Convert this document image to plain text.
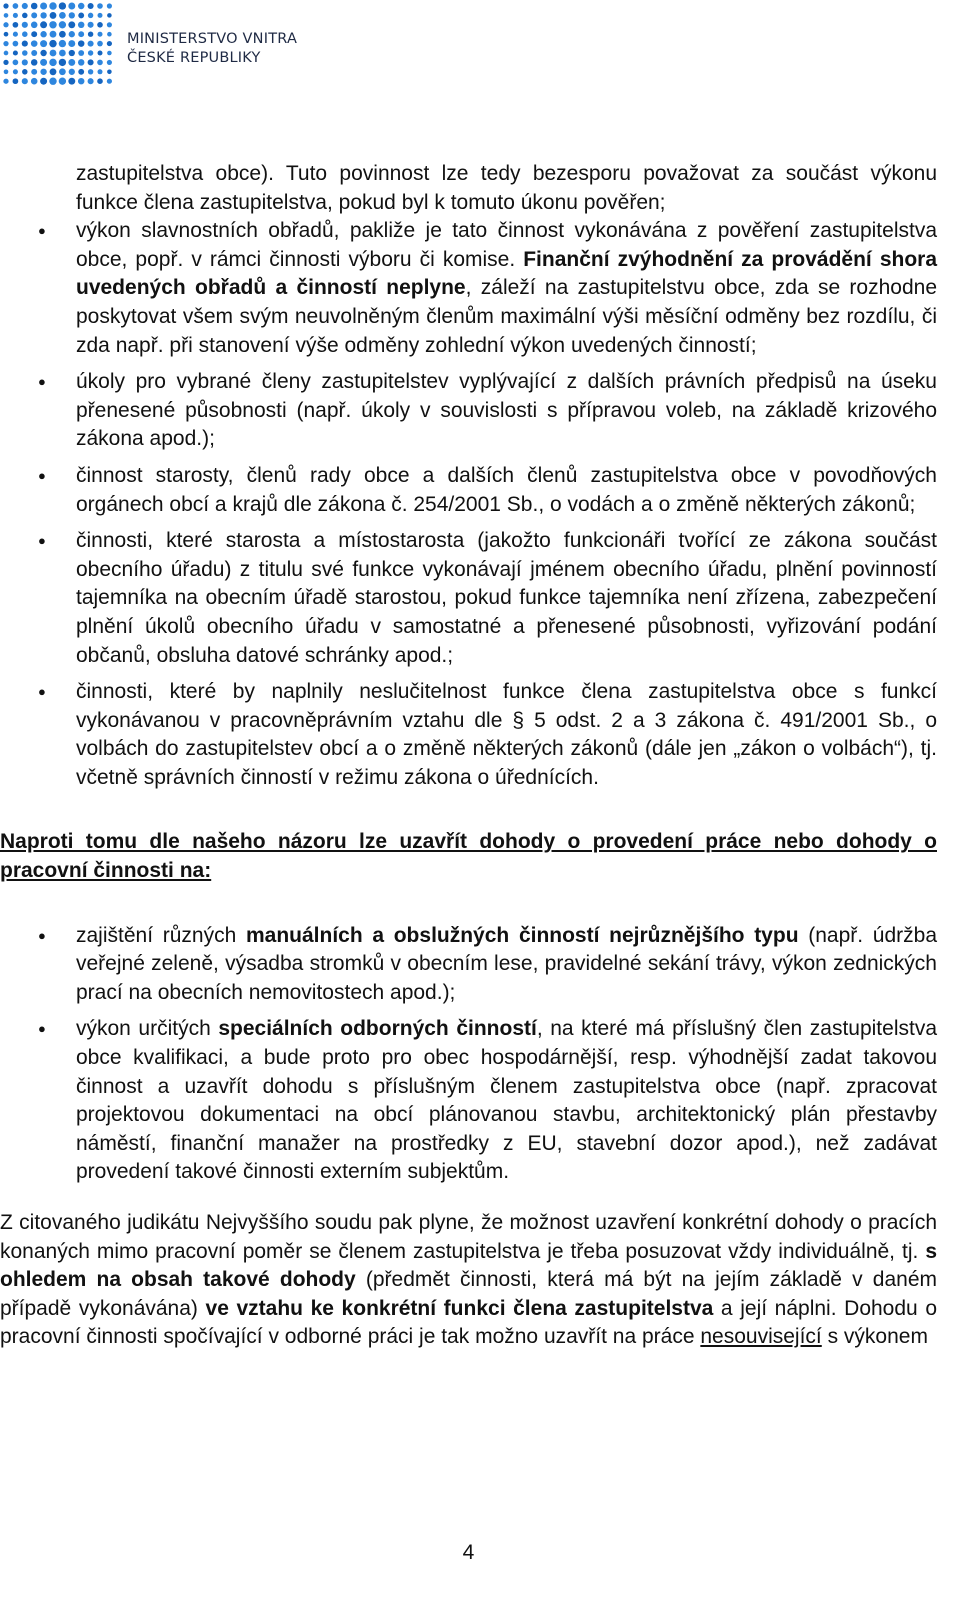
MINISTERSTVO VNITRA
ČESKÉ REPUBLIKY

zastupitelstva obce). Tuto povinnost lze tedy bezesporu považovat za součást výkonu funkce člena zastupitelstva, pokud byl k tomuto úkonu pověřen;

● výkon slavnostních obřadů, pakliže je tato činnost vykonávána z pověření zastupitelstva obce, popř. v rámci činnosti výboru či komise. Finanční zvýhodnění za provádění shora uvedených obřadů a činností neplyne, záleží na zastupitelstvu obce, zda se rozhodne poskytovat všem svým neuvolněným členům maximální výši měsíční odměny bez rozdílu, či zda např. při stanovení výše odměny zohlední výkon uvedených činností;
● úkoly pro vybrané členy zastupitelstev vyplývající z dalších právních předpisů na úseku přenesené působnosti (např. úkoly v souvislosti s přípravou voleb, na základě krizového zákona apod.);
● činnost starosty, členů rady obce a dalších členů zastupitelstva obce v povodňových orgánech obcí a krajů dle zákona č. 254/2001 Sb., o vodách a o změně některých zákonů;
● činnosti, které starosta a místostarosta (jakožto funkcionáři tvořící ze zákona součást obecního úřadu) z titulu své funkce vykonávají jménem obecního úřadu, plnění povinností tajemníka na obecním úřadě starostou, pokud funkce tajemníka není zřízena, zabezpečení plnění úkolů obecního úřadu v samostatné a přenesené působnosti, vyřizování podání občanů, obsluha datové schránky apod.;
● činnosti, které by naplnily neslučitelnost funkce člena zastupitelstva obce s funkcí vykonávanou v pracovněprávním vztahu dle § 5 odst. 2 a 3 zákona č. 491/2001 Sb., o volbách do zastupitelstev obcí a o změně některých zákonů (dále jen „zákon o volbách“), tj. včetně správních činností v režimu zákona o úřednících.

Naproti tomu dle našeho názoru lze uzavřít dohody o provedení práce nebo dohody o pracovní činnosti na:

● zajištění různých manuálních a obslužných činností nejrůznějšího typu (např. údržba veřejné zeleně, výsadba stromků v obecním lese, pravidelné sekání trávy, výkon zednických prací na obecních nemovitostech apod.);
● výkon určitých speciálních odborných činností, na které má příslušný člen zastupitelstva obce kvalifikaci, a bude proto pro obec hospodárnější, resp. výhodnější zadat takovou činnost a uzavřít dohodu s příslušným členem zastupitelstva obce (např. zpracovat projektovou dokumentaci na obcí plánovanou stavbu, architektonický plán přestavby náměstí, finanční manažer na prostředky z EU, stavební dozor apod.), než zadávat provedení takové činnosti externím subjektům.

Z citovaného judikátu Nejvyššího soudu pak plyne, že možnost uzavření konkrétní dohody o pracích konaných mimo pracovní poměr se členem zastupitelstva je třeba posuzovat vždy individuálně, tj. s ohledem na obsah takové dohody (předmět činnosti, která má být na jejím základě v daném případě vykonávána) ve vztahu ke konkrétní funkci člena zastupitelstva a její náplni. Dohodu o pracovní činnosti spočívající v odborné práci je tak možno uzavřít na práce nesouvisející s výkonem

4
